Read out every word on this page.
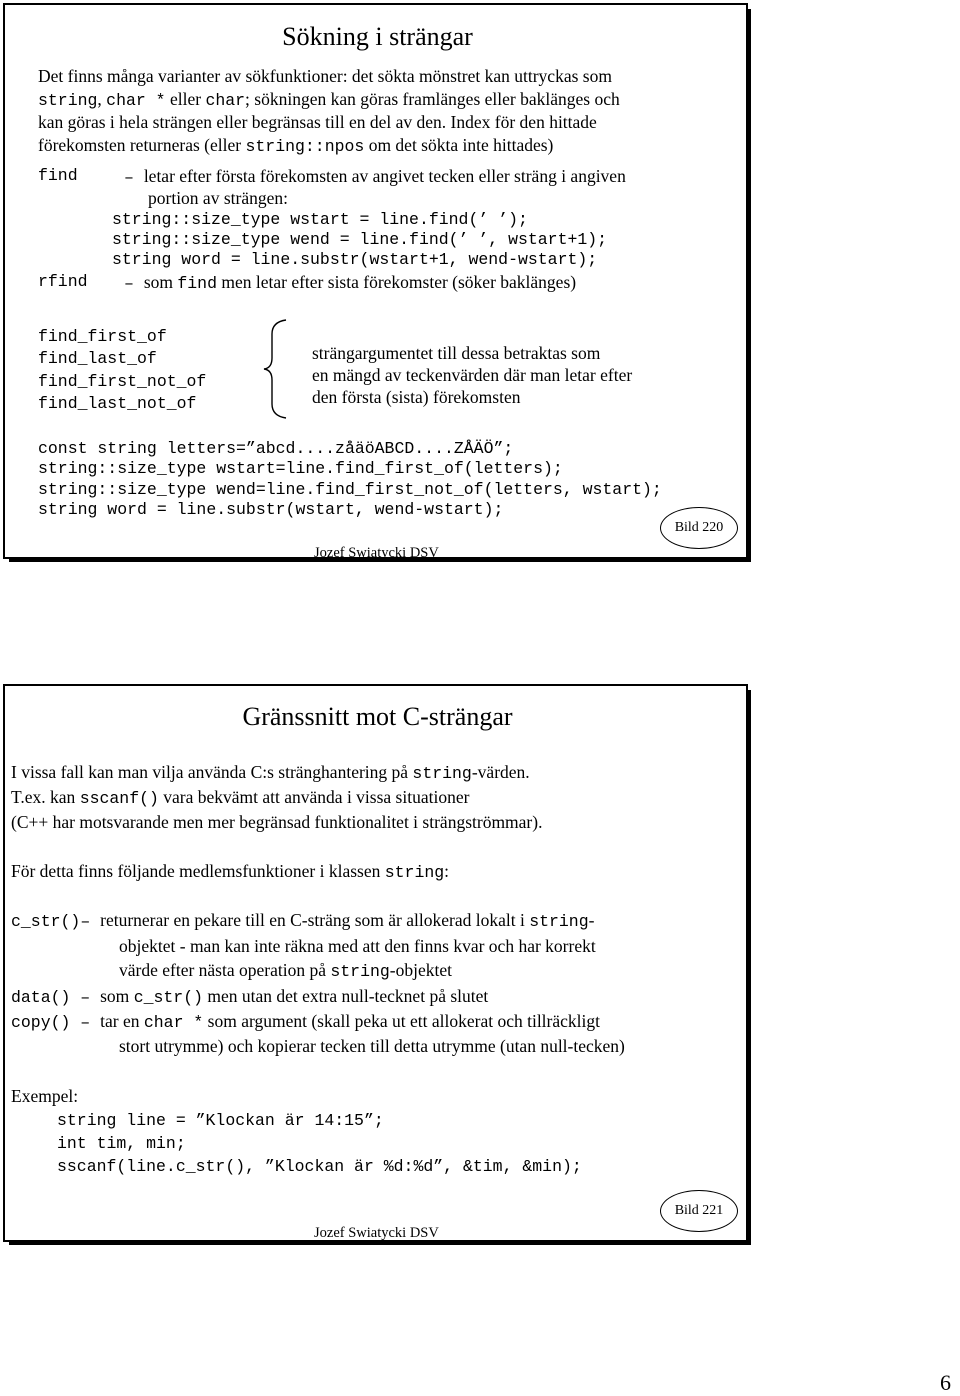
Sökning i strängar
Det finns många varianter av sökfunktioner: det sökta mönstret kan uttryckas som
string, char * eller char; sökningen kan göras framlänges eller baklänges och
kan göras i hela strängen eller begränsas till en del av den. Index för den hittade
förekomsten returneras (eller string::npos om det sökta inte hittades)
find	– letar efter första förekomsten av angivet tecken eller sträng i angiven
portion av strängen:
string::size_type wstart = line.find(’ ’);
string::size_type wend = line.find(’ ’, wstart+1);
string word = line.substr(wstart+1, wend-wstart);
rfind – som find men letar efter sista förekomster (söker baklänges)
find_first_of
find_last_of
find_first_not_of
find_last_not_of
strängargumentet till dessa betraktas som
en mängd av teckenvärden där man letar efter
den första (sista) förekomsten
const string letters=”abcd....zåäöABCD....ZÅÄÖ”;
string::size_type wstart=line.find_first_of(letters);
string::size_type wend=line.find_first_not_of(letters, wstart);
string word = line.substr(wstart, wend-wstart);
Bild 220
Jozef Swiatycki DSV
Gränssnitt mot C-strängar
I vissa fall kan man vilja använda C:s stränghantering på string-värden.
T.ex. kan sscanf() vara bekvämt att använda i vissa situationer
(C++ har motsvarande men mer begränsad funktionalitet i strängströmmar).
För detta finns följande medlemsfunktioner i klassen string:
c_str()– returnerar en pekare till en C-sträng som är allokerad lokalt i string-
objektet - man kan inte räkna med att den finns kvar och har korrekt
värde efter nästa operation på string-objektet
data() – som c_str() men utan det extra null-tecknet på slutet
copy() – tar en char * som argument (skall peka ut ett allokerat och tillräckligt
stort utrymme) och kopierar tecken till detta utrymme (utan null-tecken)
Exempel:
string line = ”Klockan är 14:15”;
int tim, min;
sscanf(line.c_str(), ”Klockan är %d:%d”, &tim, &min);
Bild 221
Jozef Swiatycki DSV
6
